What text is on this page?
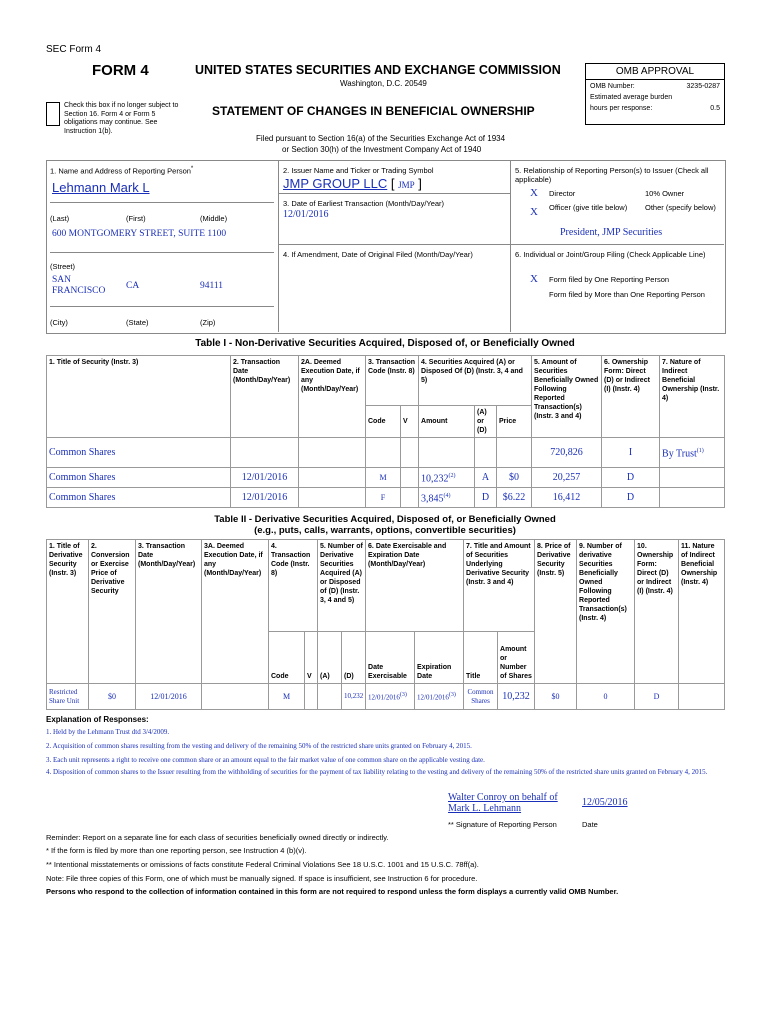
SEC Form 4
FORM 4	UNITED STATES SECURITIES AND EXCHANGE COMMISSION
Washington, D.C. 20549
Check this box if no longer subject to Section 16. Form 4 or Form 5 obligations may continue. See Instruction 1(b).
STATEMENT OF CHANGES IN BENEFICIAL OWNERSHIP
Filed pursuant to Section 16(a) of the Securities Exchange Act of 1934
or Section 30(h) of the Investment Company Act of 1940
OMB APPROVAL
OMB Number:	3235-0287
Estimated average burden
hours per response:	0.5
1. Name and Address of Reporting Person*
Lehmann Mark L
(Last)	(First)	(Middle)
600 MONTGOMERY STREET, SUITE 1100
(Street)
SAN FRANCISCO	CA	94111
(City)	(State)	(Zip)
2. Issuer Name and Ticker or Trading Symbol
JMP GROUP LLC [ JMP ]
3. Date of Earliest Transaction (Month/Day/Year)
12/01/2016
4. If Amendment, Date of Original Filed (Month/Day/Year)
5. Relationship of Reporting Person(s) to Issuer (Check all applicable)
X Director	10% Owner
X Officer (give title below) Other (specify below)
President, JMP Securities
6. Individual or Joint/Group Filing (Check Applicable Line)
X Form filed by One Reporting Person
Form filed by More than One Reporting Person
Table I - Non-Derivative Securities Acquired, Disposed of, or Beneficially Owned
1. Title of Security (Instr. 3)	2. Transaction Date (Month/Day/Year)	2A. Deemed Execution Date, if any (Month/Day/Year)	3. Transaction Code (Instr. 8)		4. Securities Acquired (A) or Disposed Of (D) (Instr. 3, 4 and 5)			5. Amount of Securities Beneficially Owned Following Reported Transaction(s) (Instr. 3 and 4)	6. Ownership Form: Direct (D) or Indirect (I) (Instr. 4)	7. Nature of Indirect Beneficial Ownership (Instr. 4)
			Code	V	Amount	(A) or (D)	Price			
Common Shares								720,826	I	By Trust$^{(1)}$
Common Shares	12/01/2016		M		10,232$^{(2)}$	A	$0	20,257	D	
Common Shares	12/01/2016		F		3,845$^{(4)}$	D	$6.22	16,412	D	
Table II - Derivative Securities Acquired, Disposed of, or Beneficially Owned
(e.g., puts, calls, warrants, options, convertible securities)
1. Title of Derivative Security (Instr. 3)	2. Conversion or Exercise Price of Derivative Security	3. Transaction Date (Month/Day/Year)	3A. Deemed Execution Date, if any (Month/Day/Year)	4. Transaction Code (Instr. 8)		5. Number of Derivative Securities Acquired (A) or Disposed of (D) (Instr. 3, 4 and 5)		6. Date Exercisable and Expiration Date (Month/Day/Year)		7. Title and Amount of Securities Underlying Derivative Security (Instr. 3 and 4)		8. Price of Derivative Security (Instr. 5)	9. Number of derivative Securities Beneficially Owned Following Reported Transaction(s) (Instr. 4)	10. Ownership Form: Direct (D) or Indirect (I) (Instr. 4)	11. Nature of Indirect Beneficial Ownership (Instr. 4)
				Code	V	(A)	(D)	Date Exercisable	Expiration Date	Title	Amount or Number of Shares				
Restricted Share Unit	$0	12/01/2016		M			10,232	12/01/2016$^{(3)}$	12/01/2016$^{(3)}$	Common Shares	10,232	$0	0	D	
Explanation of Responses:
1. Held by the Lehmann Trust dtd 3/4/2009.
2. Acquisition of common shares resulting from the vesting and delivery of the remaining 50% of the restricted share units granted on February 4, 2015.
3. Each unit represents a right to receive one common share or an amount equal to the fair market value of one common share on the applicable vesting date.
4. Disposition of common shares to the Issuer resulting from the withholding of securities for the payment of tax liability relating to the vesting and delivery of the remaining 50% of the restricted share units granted on February 4, 2015.
Walter Conroy on behalf of Mark L. Lehmann
12/05/2016
** Signature of Reporting Person	Date
Reminder: Report on a separate line for each class of securities beneficially owned directly or indirectly.
* If the form is filed by more than one reporting person, see Instruction 4 (b)(v).
** Intentional misstatements or omissions of facts constitute Federal Criminal Violations See 18 U.S.C. 1001 and 15 U.S.C. 78ff(a).
Note: File three copies of this Form, one of which must be manually signed. If space is insufficient, see Instruction 6 for procedure.
Persons who respond to the collection of information contained in this form are not required to respond unless the form displays a currently valid OMB Number.
